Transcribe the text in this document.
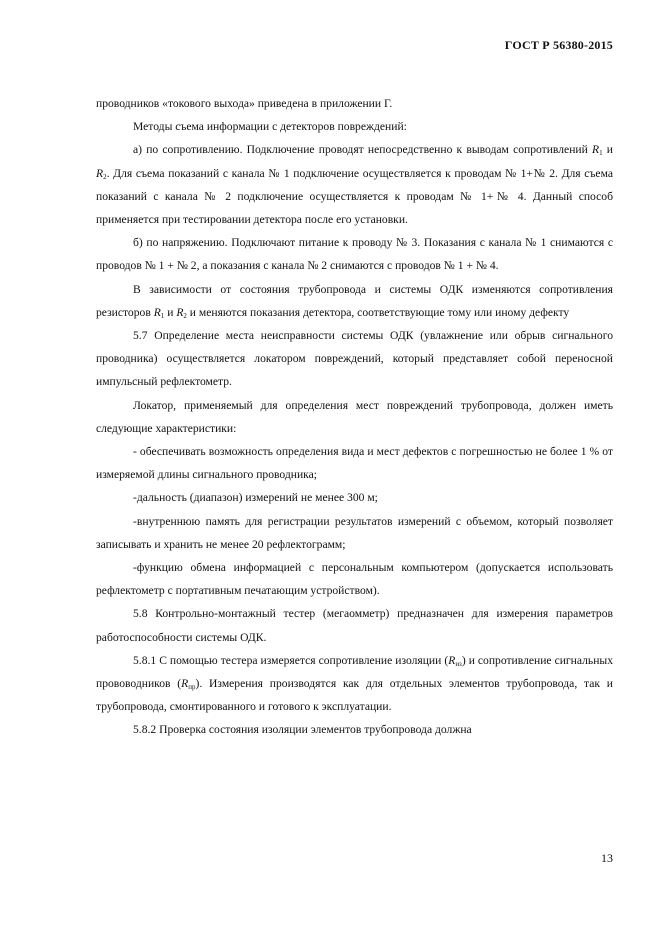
ГОСТ Р 56380-2015

проводников «токового выхода» приведена в приложении Г.

Методы съема информации с детекторов повреждений:

а) по сопротивлению. Подключение проводят непосредственно к выводам сопротивлений $R_1$ и $R_2$. Для съема показаний с канала № 1 подключение осуществляется к проводам № 1+№ 2. Для съема показаний с канала № 2 подключение осуществляется к проводам № 1+№ 4. Данный способ применяется при тестировании детектора после его установки.

б) по напряжению. Подключают питание к проводу № 3. Показания с канала № 1 снимаются с проводов № 1 + № 2, а показания с канала № 2 снимаются с проводов № 1 + № 4.

В зависимости от состояния трубопровода и системы ОДК изменяются сопротивления резисторов $R_1$ и $R_2$ и меняются показания детектора, соответствующие тому или иному дефекту

5.7 Определение места неисправности системы ОДК (увлажнение или обрыв сигнального проводника) осуществляется локатором повреждений, который представляет собой переносной импульсный рефлектометр.

Локатор, применяемый для определения мест повреждений трубопровода, должен иметь следующие характеристики:

- обеспечивать возможность определения вида и мест дефектов с погрешностью не более 1 % от измеряемой длины сигнального проводника;

-дальность (диапазон) измерений не менее 300 м;

-внутреннюю память для регистрации результатов измерений с объемом, который позволяет записывать и хранить не менее 20 рефлектограмм;

-функцию обмена информацией с персональным компьютером (допускается использовать рефлектометр с портативным печатающим устройством).

5.8 Контрольно-монтажный тестер (мегаомметр) предназначен для измерения параметров работоспособности системы ОДК.

5.8.1 С помощью тестера измеряется сопротивление изоляции $(R_{из})$ и сопротивление сигнальных прововодников $(R_{пр})$. Измерения производятся как для отдельных элементов трубопровода, так и трубопровода, смонтированного и готового к эксплуатации.

5.8.2 Проверка состояния изоляции элементов трубопровода должна

13
